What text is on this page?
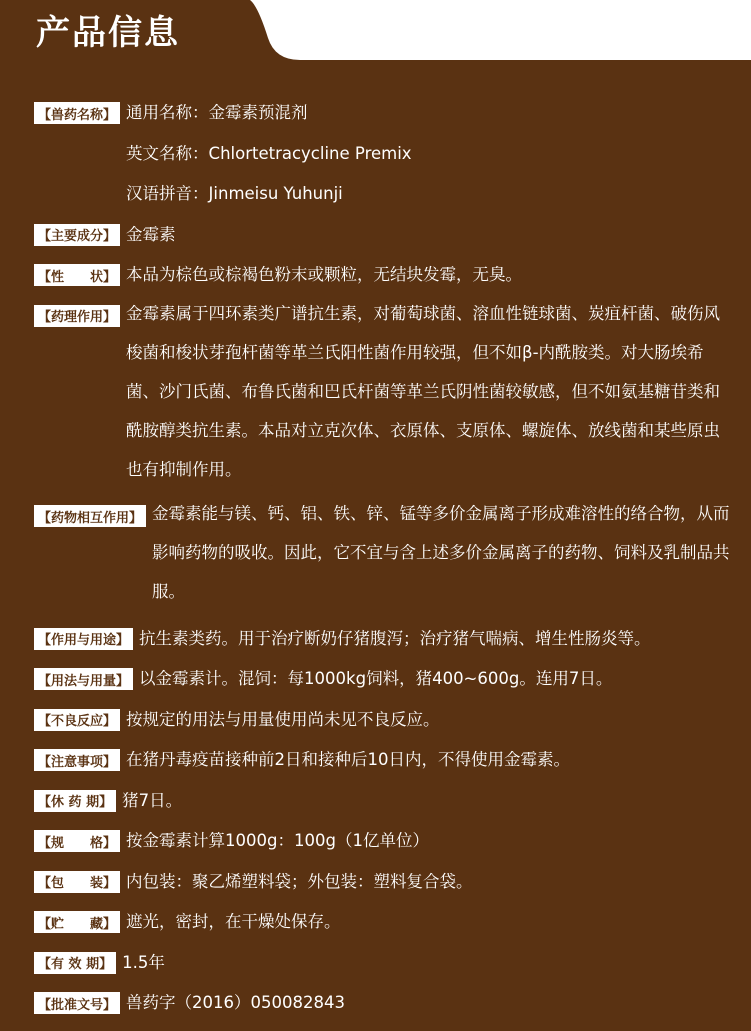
产品信息
【 兽药名称 】 通用名称：金霉素预混剂
英文名称：Chlortetracycline Premix
汉语拼音：Jinmeisu Yuhunji
【 主要成分 】 金霉素
【 性　　状 】 本品为棕色或棕褐色粉末或颗粒，无结块发霉，无臭。
【 药理作用 】 金霉素属于四环素类广谱抗生素，对葡萄球菌、溶血性链球菌、炭疽杆菌、破伤风梭菌和梭状芽孢杆菌等革兰氏阳性菌作用较强，但不如β-内酰胺类。对大肠埃希菌、沙门氏菌、布鲁氏菌和巴氏杆菌等革兰氏阴性菌较敏感，但不如氨基糖苷类和酰胺醇类抗生素。本品对立克次体、衣原体、支原体、螺旋体、放线菌和某些原虫也有抑制作用。
【 药物相互作用 】 金霉素能与镁、钙、铝、铁、锌、锰等多价金属离子形成难溶性的络合物，从而影响药物的吸收。因此，它不宜与含上述多价金属离子的药物、饲料及乳制品共服。
【 作用与用途 】 抗生素类药。用于治疗断奶仔猪腹泻；治疗猪气喘病、增生性肠炎等。
【 用法与用量 】 以金霉素计。混饲：每1000kg饲料，猪400~600g。连用7日。
【 不良反应 】 按规定的用法与用量使用尚未见不良反应。
【 注意事项 】 在猪丹毒疫苗接种前2日和接种后10日内，不得使用金霉素。
【 休 药 期 】 猪7日。
【 规　　格 】 按金霉素计算1000g：100g（1亿单位）
【 包　　装 】 内包装：聚乙烯塑料袋；外包装：塑料复合袋。
【 贮　　藏 】 遮光，密封，在干燥处保存。
【 有 效 期 】 1.5年
【 批准文号 】 兽药字（2016）050082843
